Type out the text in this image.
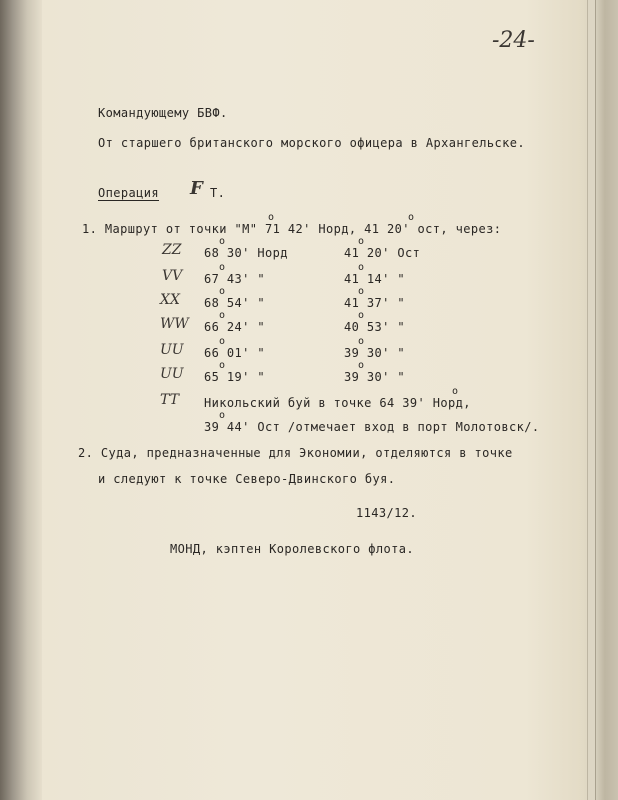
-24-
Командующему БВФ.
От старшего британского морского офицера в Архангельске.
Операция F Т.
1. Маршрут от точки "М" 71 42' Норд, 41 20' ост, через:
o	o
ZZ 68 30' Норд	41 20' Ост
o	o
VV 67 43' "	41 14' "
o	o
XX 68 54' "	41 37' "
o	o
WW 66 24' "	40 53' "
o	o
UU 66 01' "	39 30' "
o	o
UU 65 19' "	39 30' "
o	o
TT Никольский буй в точке 64 39' Норд,
o
39 44' Ост /отмечает вход в порт Молотовск/.
o
2. Суда, предназначенные для Экономии, отделяются в точке
и следуют к точке Северо-Двинского буя.
1143/12.
МОНД, кэптен Королевского флота.
